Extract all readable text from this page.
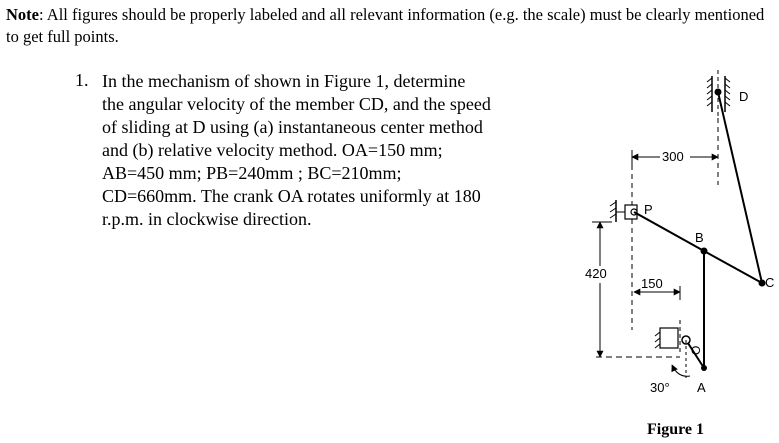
Note: All figures should be properly labeled and all relevant information (e.g. the scale) must be clearly mentioned to get full points.
1. In the mechanism of shown in Figure 1, determine
the angular velocity of the member CD, and the speed
of sliding at D using (a) instantaneous center method
and (b) relative velocity method. OA=150 mm;
AB=450 mm; PB=240mm ; BC=210mm;
CD=660mm. The crank OA rotates uniformly at 180
r.p.m. in clockwise direction.
D
P
B
C
O
A
300
420
150
30°
Figure 1
